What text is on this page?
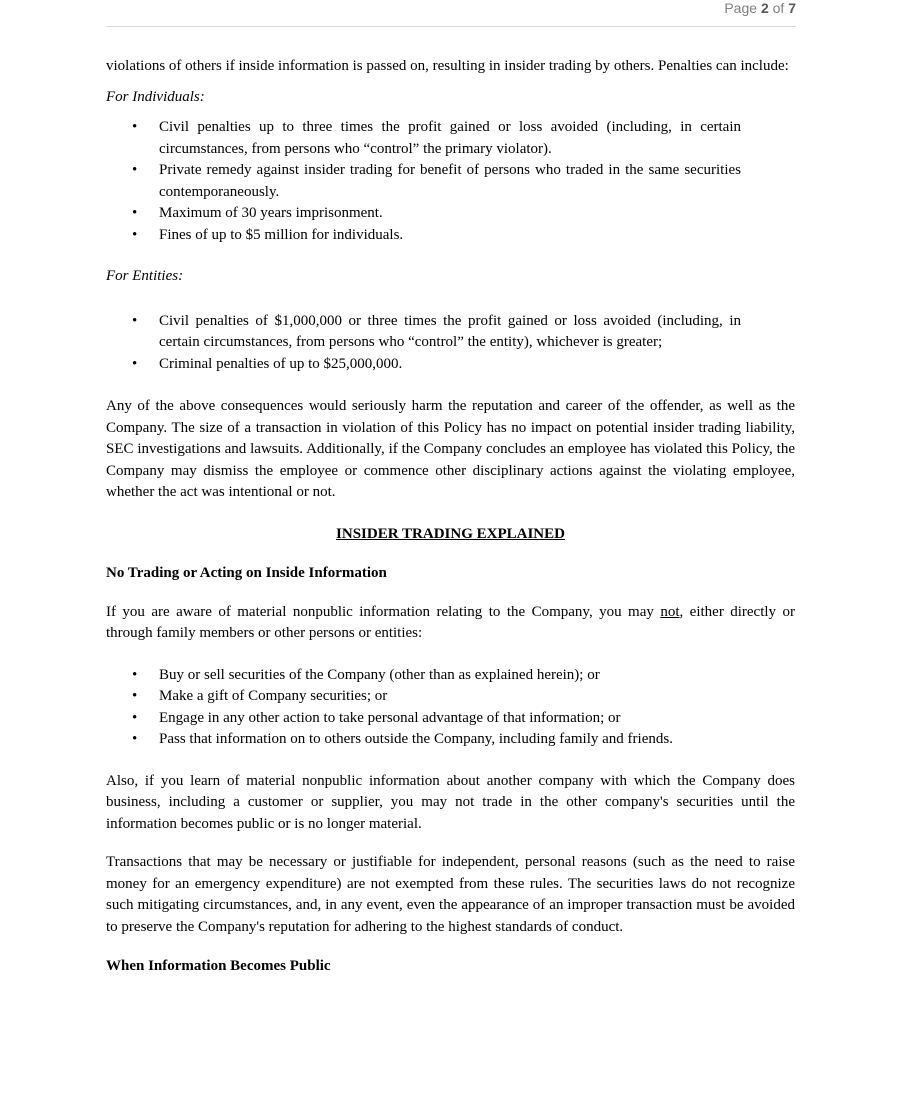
Page 2 of 7

violations of others if inside information is passed on, resulting in insider trading by others. Penalties can include:

For Individuals:

• Civil penalties up to three times the profit gained or loss avoided (including, in certain circumstances, from persons who “control” the primary violator).
• Private remedy against insider trading for benefit of persons who traded in the same securities contemporaneously.
• Maximum of 30 years imprisonment.
• Fines of up to $5 million for individuals.

For Entities:

• Civil penalties of $1,000,000 or three times the profit gained or loss avoided (including, in certain circumstances, from persons who “control” the entity), whichever is greater;
• Criminal penalties of up to $25,000,000.

Any of the above consequences would seriously harm the reputation and career of the offender, as well as the Company. The size of a transaction in violation of this Policy has no impact on potential insider trading liability, SEC investigations and lawsuits. Additionally, if the Company concludes an employee has violated this Policy, the Company may dismiss the employee or commence other disciplinary actions against the violating employee, whether the act was intentional or not.

INSIDER TRADING EXPLAINED

No Trading or Acting on Inside Information

If you are aware of material nonpublic information relating to the Company, you may not, either directly or through family members or other persons or entities:

• Buy or sell securities of the Company (other than as explained herein); or
• Make a gift of Company securities; or
• Engage in any other action to take personal advantage of that information; or
• Pass that information on to others outside the Company, including family and friends.

Also, if you learn of material nonpublic information about another company with which the Company does business, including a customer or supplier, you may not trade in the other company's securities until the information becomes public or is no longer material.

Transactions that may be necessary or justifiable for independent, personal reasons (such as the need to raise money for an emergency expenditure) are not exempted from these rules. The securities laws do not recognize such mitigating circumstances, and, in any event, even the appearance of an improper transaction must be avoided to preserve the Company's reputation for adhering to the highest standards of conduct.

When Information Becomes Public
